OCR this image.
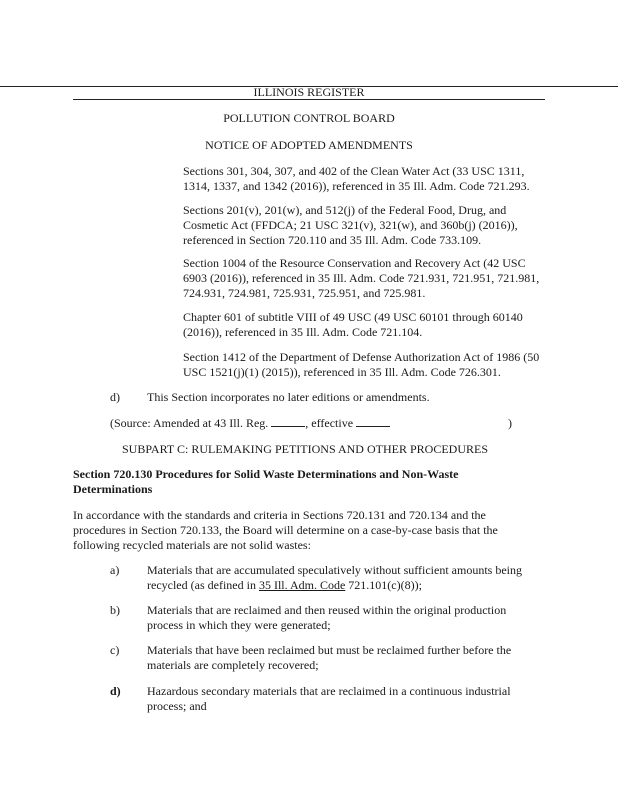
ILLINOIS REGISTER
POLLUTION CONTROL BOARD
NOTICE OF ADOPTED AMENDMENTS
Sections 301, 304, 307, and 402 of the Clean Water Act (33 USC 1311,
1314, 1337, and 1342 (2016)), referenced in 35 Ill. Adm. Code 721.293.
Sections 201(v), 201(w), and 512(j) of the Federal Food, Drug, and
Cosmetic Act (FFDCA; 21 USC 321(v), 321(w), and 360b(j) (2016)),
referenced in Section 720.110 and 35 Ill. Adm. Code 733.109.
Section 1004 of the Resource Conservation and Recovery Act (42 USC
6903 (2016)), referenced in 35 Ill. Adm. Code 721.931, 721.951, 721.981,
724.931, 724.981, 725.931, 725.951, and 725.981.
Chapter 601 of subtitle VIII of 49 USC (49 USC 60101 through 60140
(2016)), referenced in 35 Ill. Adm. Code 721.104.
Section 1412 of the Department of Defense Authorization Act of 1986 (50
USC 1521(j)(1) (2015)), referenced in 35 Ill. Adm. Code 726.301.
d) This Section incorporates no later editions or amendments.
(Source: Amended at 43 Ill. Reg.	, effective	)
SUBPART C: RULEMAKING PETITIONS AND OTHER PROCEDURES
Section 720.130 Procedures for Solid Waste Determinations and Non-Waste
Determinations
In accordance with the standards and criteria in Sections 720.131 and 720.134 and the
procedures in Section 720.133, the Board will determine on a case-by-case basis that the
following recycled materials are not solid wastes:
a) Materials that are accumulated speculatively without sufficient amounts being
recycled (as defined in 35 Ill. Adm. Code 721.101(c)(8));
b) Materials that are reclaimed and then reused within the original production
process in which they were generated;
c) Materials that have been reclaimed but must be reclaimed further before the
materials are completely recovered;
d) Hazardous secondary materials that are reclaimed in a continuous industrial
process; and
